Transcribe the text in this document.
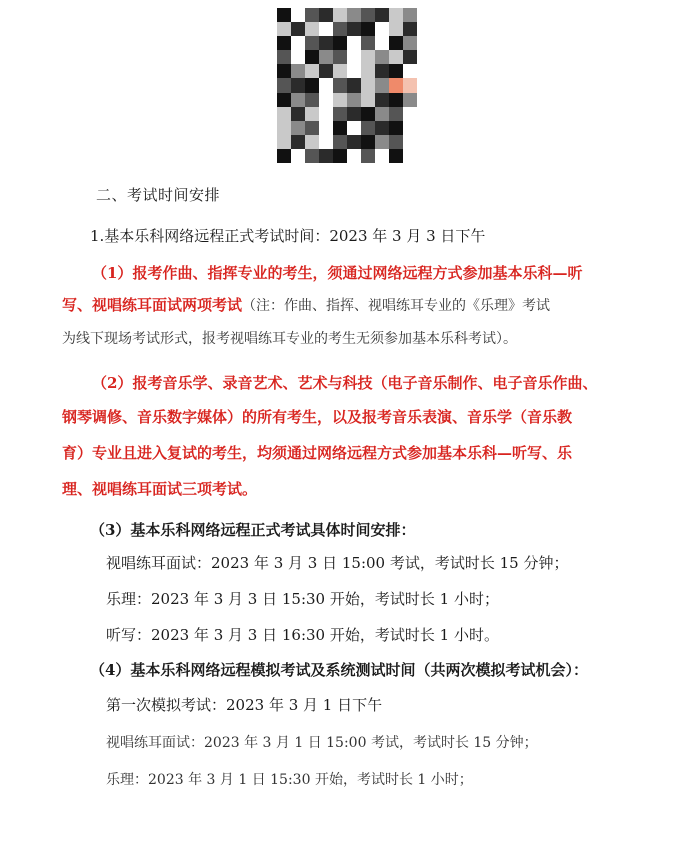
二、考试时间安排
1.基本乐科网络远程正式考试时间：2023 年 3 月 3 日下午
（1）报考作曲、指挥专业的考生，须通过网络远程方式参加基本乐科—听
写、视唱练耳面试两项考试（注：作曲、指挥、视唱练耳专业的《乐理》考试
为线下现场考试形式，报考视唱练耳专业的考生无须参加基本乐科考试）。
（2）报考音乐学、录音艺术、艺术与科技（电子音乐制作、电子音乐作曲、
钢琴调修、音乐数字媒体）的所有考生，以及报考音乐表演、音乐学（音乐教
育）专业且进入复试的考生，均须通过网络远程方式参加基本乐科—听写、乐
理、视唱练耳面试三项考试。
（3）基本乐科网络远程正式考试具体时间安排：
视唱练耳面试：2023 年 3 月 3 日 15:00 考试，考试时长 15 分钟；
乐理：2023 年 3 月 3 日 15:30 开始，考试时长 1 小时；
听写：2023 年 3 月 3 日 16:30 开始，考试时长 1 小时。
（4）基本乐科网络远程模拟考试及系统测试时间（共两次模拟考试机会）：
第一次模拟考试：2023 年 3 月 1 日下午
视唱练耳面试：2023 年 3 月 1 日 15:00 考试，考试时长 15 分钟；
乐理：2023 年 3 月 1 日 15:30 开始，考试时长 1 小时；
